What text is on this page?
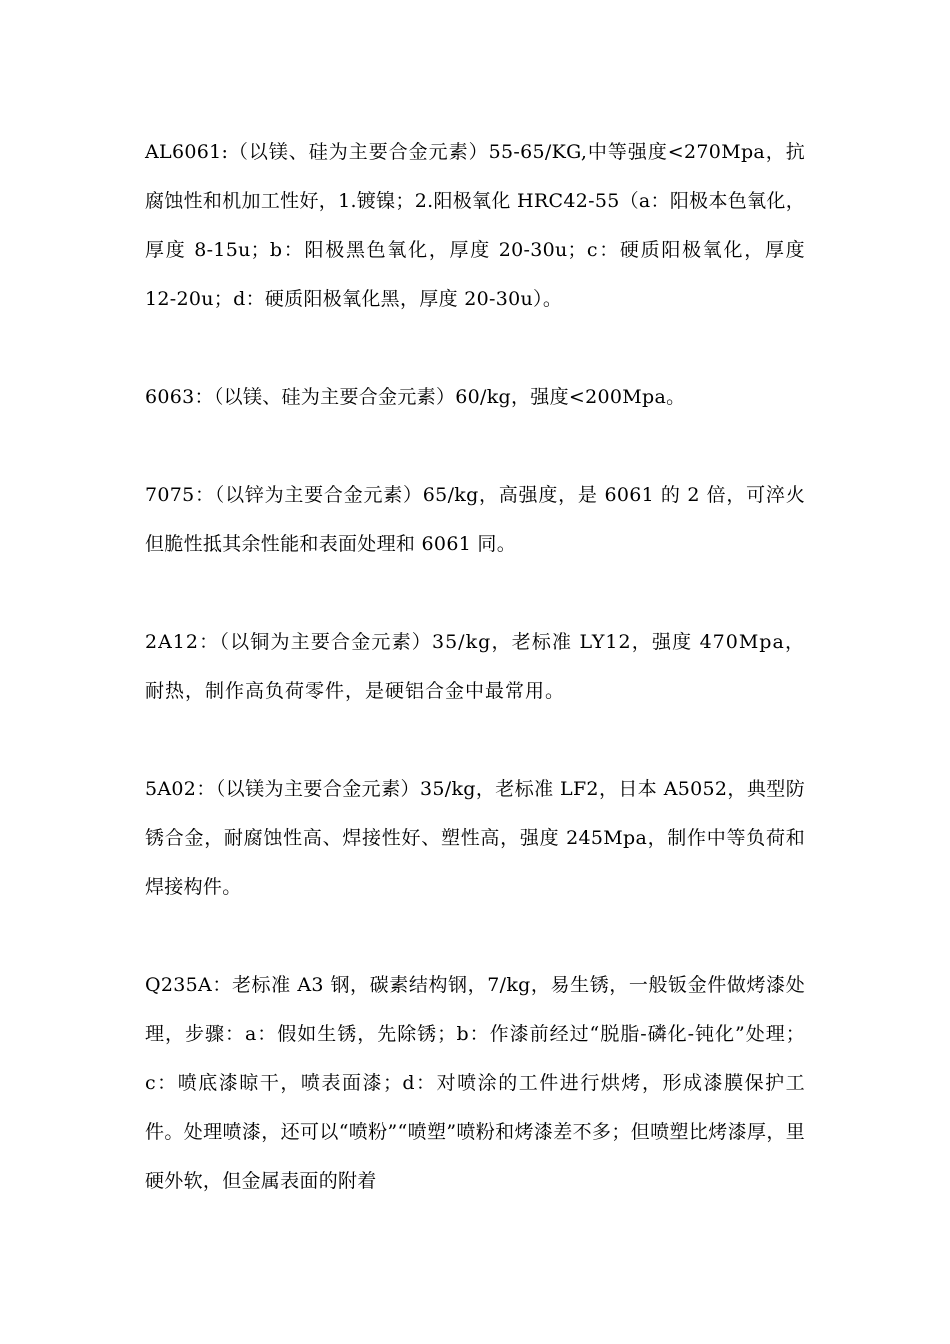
AL6061:（以镁、硅为主要合金元素）55-65/KG,中等强度<270Mpa，抗腐蚀性和机加工性好，1.镀镍；2.阳极氧化 HRC42-55（a：阳极本色氧化，厚度 8-15u；b：阳极黑色氧化，厚度 20-30u；c：硬质阳极氧化，厚度 12-20u；d：硬质阳极氧化黑，厚度 20-30u）。

6063：（以镁、硅为主要合金元素）60/kg，强度<200Mpa。

7075：（以锌为主要合金元素）65/kg，高强度，是 6061 的 2 倍，可淬火但脆性抵其余性能和表面处理和 6061 同。

2A12：（以铜为主要合金元素）35/kg，老标准 LY12，强度 470Mpa，耐热，制作高负荷零件，是硬铝合金中最常用。

5A02：（以镁为主要合金元素）35/kg，老标准 LF2，日本 A5052，典型防锈合金，耐腐蚀性高、焊接性好、塑性高，强度 245Mpa，制作中等负荷和焊接构件。

Q235A：老标准 A3 钢，碳素结构钢，7/kg，易生锈，一般钣金件做烤漆处理，步骤：a：假如生锈，先除锈；b：作漆前经过“脱脂-磷化-钝化”处理；c：喷底漆晾干，喷表面漆；d：对喷涂的工件进行烘烤，形成漆膜保护工件。处理喷漆，还可以“喷粉”“喷塑”喷粉和烤漆差不多；但喷塑比烤漆厚，里硬外软，但金属表面的附着
